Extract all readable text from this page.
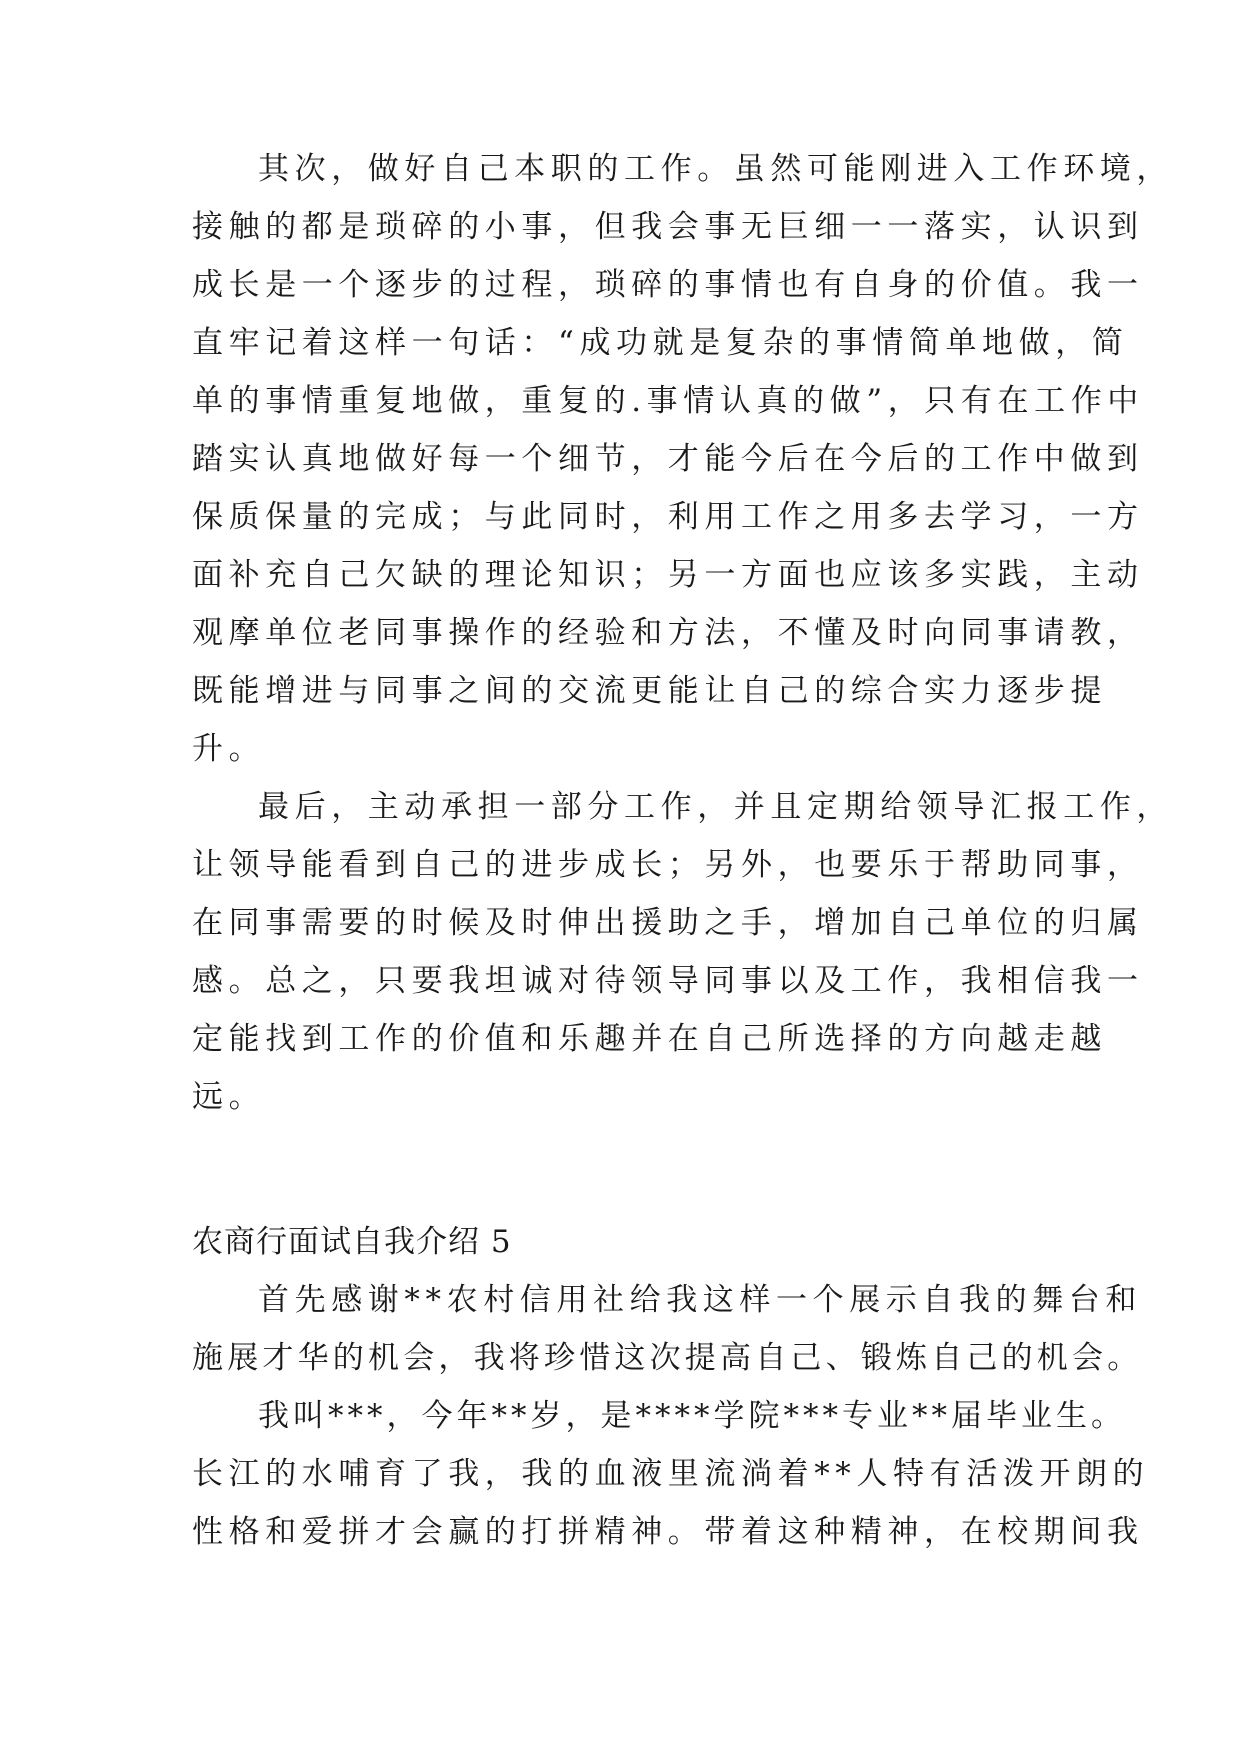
其次，做好自己本职的工作。虽然可能刚进入工作环境，
接触的都是琐碎的小事，但我会事无巨细一一落实，认识到
成长是一个逐步的过程，琐碎的事情也有自身的价值。我一
直牢记着这样一句话：“成功就是复杂的事情简单地做，简
单的事情重复地做，重复的.事情认真的做”，只有在工作中
踏实认真地做好每一个细节，才能今后在今后的工作中做到
保质保量的完成；与此同时，利用工作之用多去学习，一方
面补充自己欠缺的理论知识；另一方面也应该多实践，主动
观摩单位老同事操作的经验和方法，不懂及时向同事请教，
既能增进与同事之间的交流更能让自己的综合实力逐步提
升。
最后，主动承担一部分工作，并且定期给领导汇报工作，
让领导能看到自己的进步成长；另外，也要乐于帮助同事，
在同事需要的时候及时伸出援助之手，增加自己单位的归属
感。总之，只要我坦诚对待领导同事以及工作，我相信我一
定能找到工作的价值和乐趣并在自己所选择的方向越走越
远。
农商行面试自我介绍 5
首先感谢**农村信用社给我这样一个展示自我的舞台和
施展才华的机会，我将珍惜这次提高自己、锻炼自己的机会。
我叫***，今年**岁，是****学院***专业**届毕业生。
长江的水哺育了我，我的血液里流淌着**人特有活泼开朗的
性格和爱拼才会赢的打拼精神。带着这种精神，在校期间我
